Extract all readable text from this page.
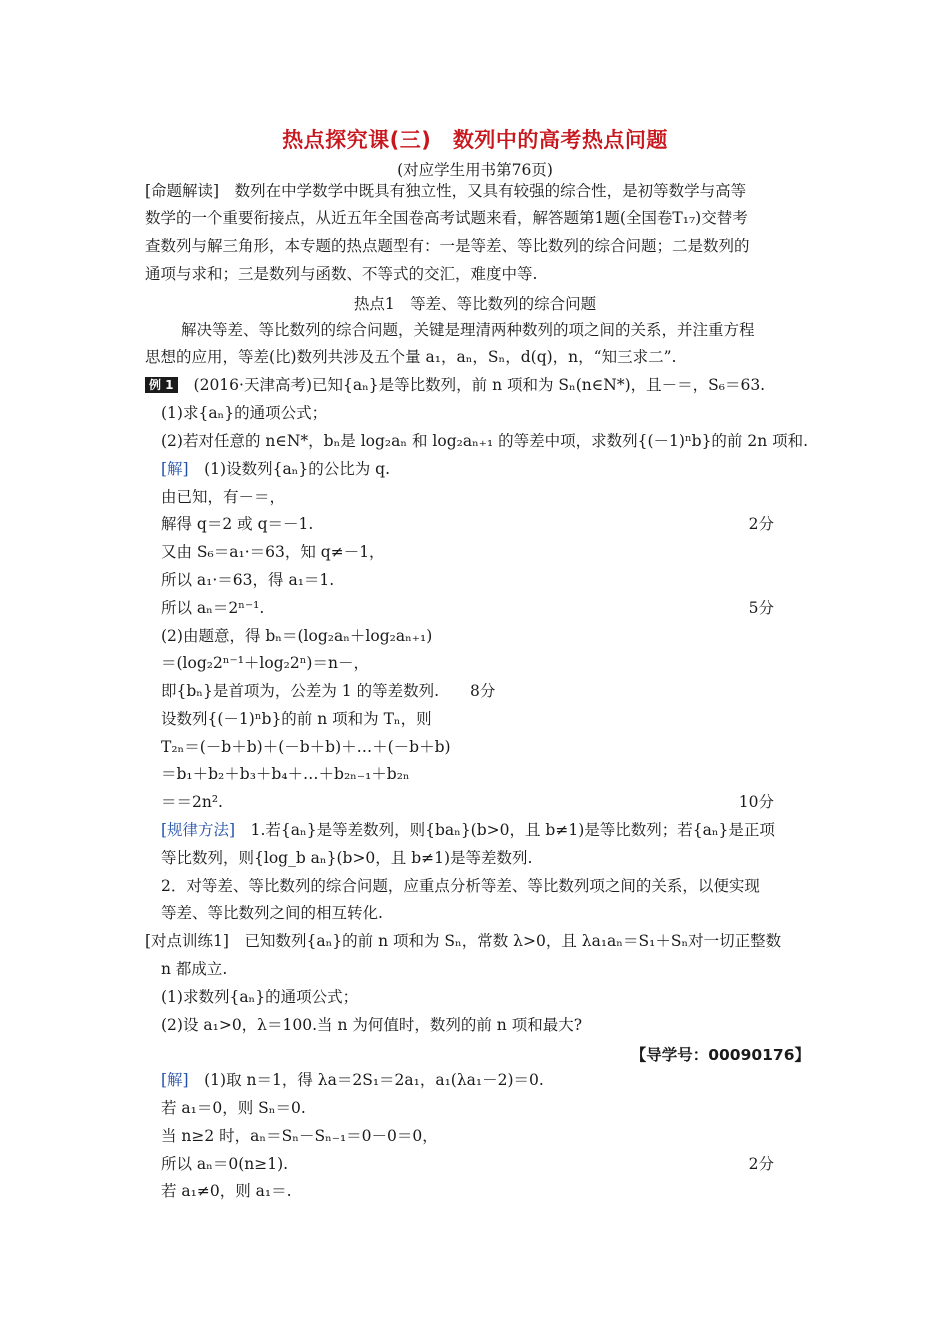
热点探究课(三)　数列中的高考热点问题
(对应学生用书第76页)
[命题解读]　 数列在中学数学中既具有独立性，又具有较强的综合性，是初等数学与高等
数学的一个重要衔接点，从近五年全国卷高考试题来看，解答题第1题(全国卷T₁₇)交替考
查数列与解三角形，本专题的热点题型有：一是等差、等比数列的综合问题；二是数列的
通项与求和；三是数列与函数、不等式的交汇，难度中等.
热点1　等差、等比数列的综合问题
解决等差、等比数列的综合问题，关键是理清两种数列的项之间的关系，并注重方程
思想的应用，等差(比)数列共涉及五个量 a₁，aₙ，Sₙ，d(q)，n，“知三求二”.
例 1 (2016·天津高考)已知{aₙ}是等比数列，前 n 项和为 Sₙ(n∈N*)，且－＝，S₆＝63.
(1)求{aₙ}的通项公式；
(2)若对任意的 n∈N*，bₙ是 log₂aₙ 和 log₂aₙ₊₁ 的等差中项，求数列{(－1)ⁿb}的前 2n 项和.
[解]　 (1)设数列{aₙ}的公比为 q.
由已知，有－＝，
解得 q＝2 或 q＝－1.	2分
又由 S₆＝a₁·＝63，知 q≠－1，
所以 a₁·＝63，得 a₁＝1.
所以 aₙ＝2ⁿ⁻¹.	5分
(2)由题意，得 bₙ＝(log₂aₙ＋log₂aₙ₊₁)
＝(log₂2ⁿ⁻¹＋log₂2ⁿ)＝n－，
即{bₙ}是首项为，公差为 1 的等差数列.　　8分
设数列{(－1)ⁿb}的前 n 项和为 Tₙ，则
T₂ₙ＝(－b＋b)＋(－b＋b)＋…＋(－b＋b)
＝b₁＋b₂＋b₃＋b₄＋…＋b₂ₙ₋₁＋b₂ₙ
＝＝2n².	10分
[规律方法]　 1.若{aₙ}是等差数列，则{baₙ}(b>0，且 b≠1)是等比数列；若{aₙ}是正项
等比数列，则{log_b aₙ}(b>0，且 b≠1)是等差数列.
2．对等差、等比数列的综合问题，应重点分析等差、等比数列项之间的关系，以便实现
等差、等比数列之间的相互转化.
[对点训练1]　 已知数列{aₙ}的前 n 项和为 Sₙ，常数 λ>0，且 λa₁aₙ＝S₁＋Sₙ对一切正整数
n 都成立.
(1)求数列{aₙ}的通项公式；
(2)设 a₁>0，λ＝100.当 n 为何值时，数列的前 n 项和最大?
【导学号：00090176】
[解]　 (1)取 n＝1，得 λa＝2S₁＝2a₁，a₁(λa₁－2)＝0.
若 a₁＝0，则 Sₙ＝0.
当 n≥2 时，aₙ＝Sₙ－Sₙ₋₁＝0－0＝0，
所以 aₙ＝0(n≥1).	2分
若 a₁≠0，则 a₁＝.
